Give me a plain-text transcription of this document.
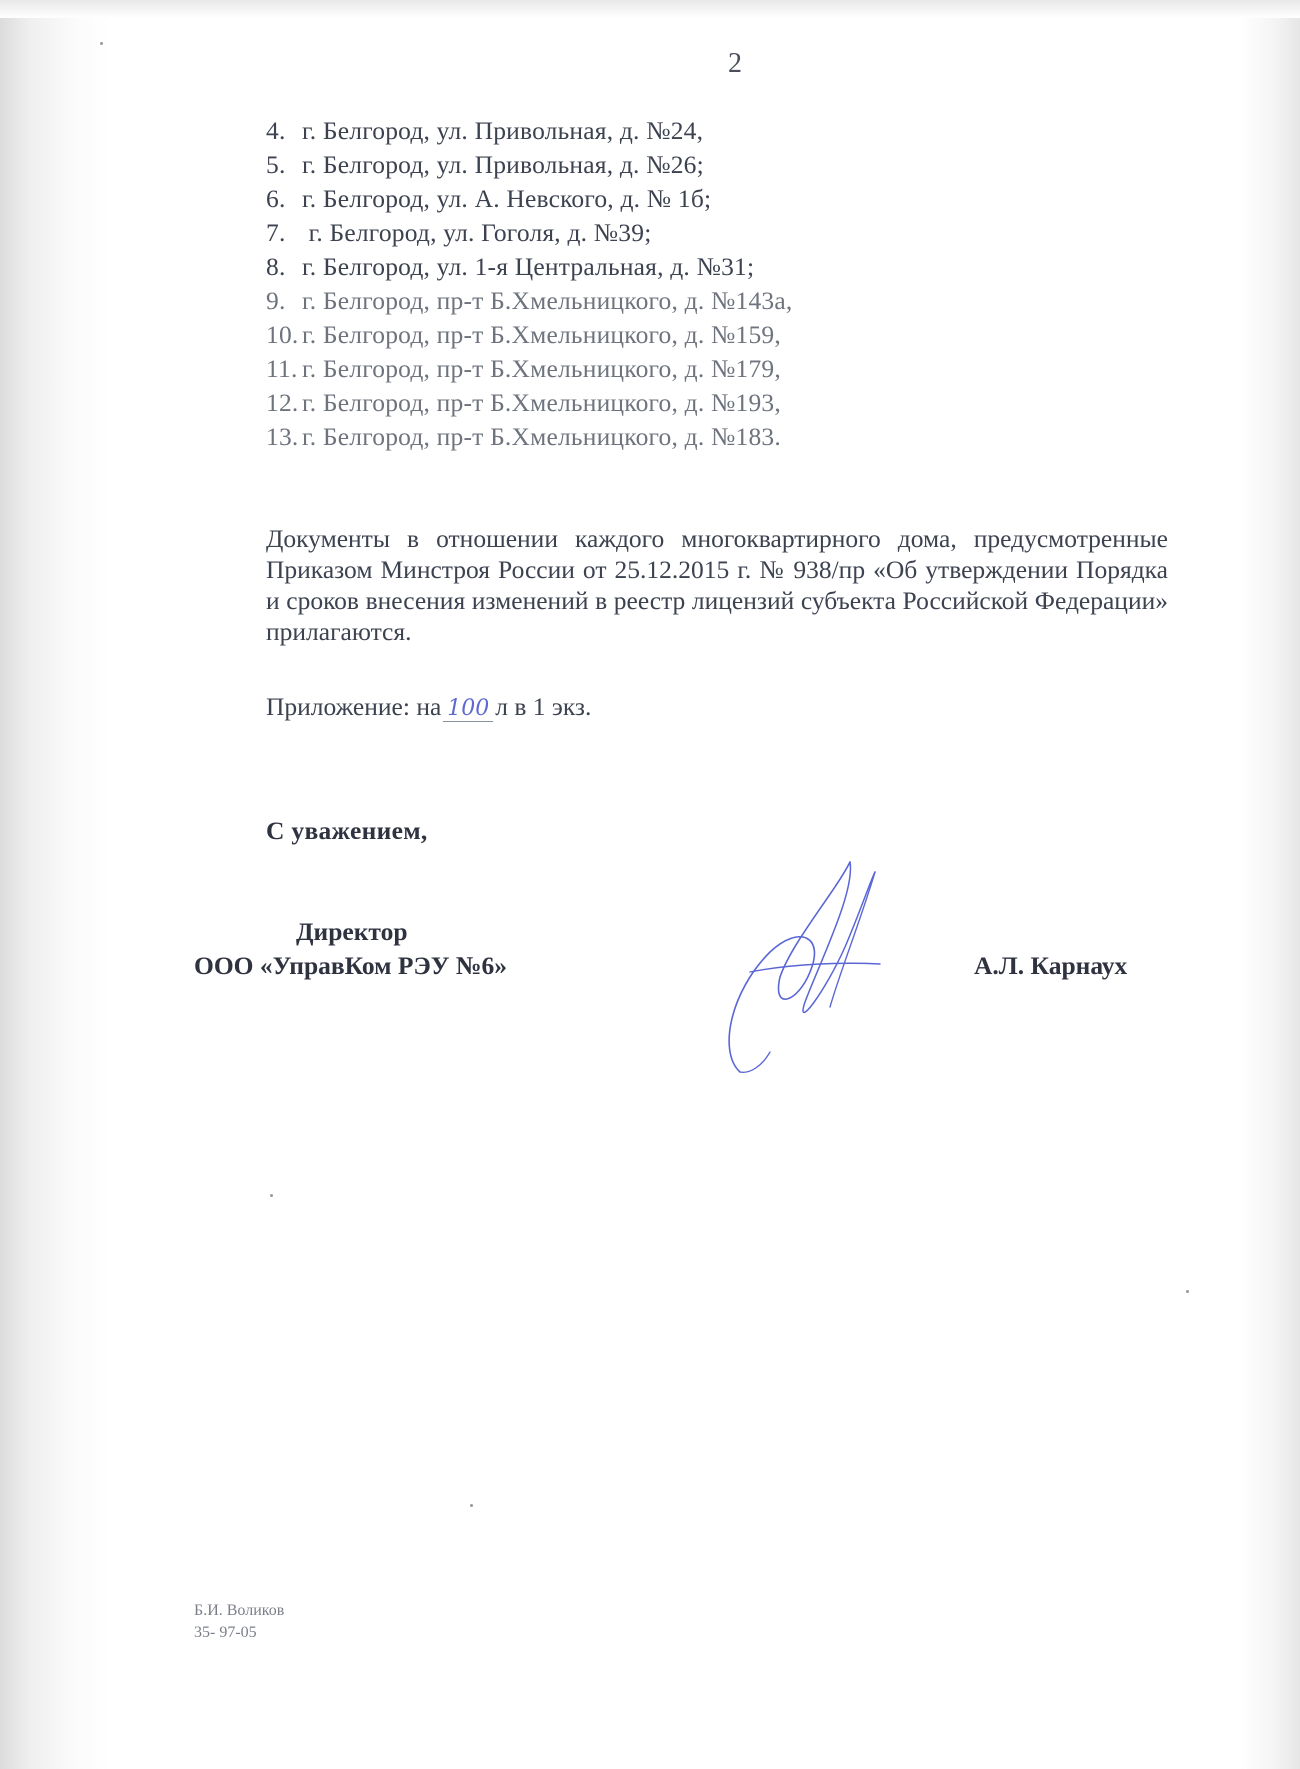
2
4. г. Белгород, ул. Привольная, д. №24,
5. г. Белгород, ул. Привольная, д. №26;
6. г. Белгород, ул. А. Невского, д. № 1б;
7. г. Белгород, ул. Гоголя, д. №39;
8. г. Белгород, ул. 1-я Центральная, д. №31;
9. г. Белгород, пр-т Б.Хмельницкого, д. №143а,
10. г. Белгород, пр-т Б.Хмельницкого, д. №159,
11. г. Белгород, пр-т Б.Хмельницкого, д. №179,
12. г. Белгород, пр-т Б.Хмельницкого, д. №193,
13. г. Белгород, пр-т Б.Хмельницкого, д. №183.
Документы в отношении каждого многоквартирного дома, предусмотренные Приказом Минстроя России от 25.12.2015 г. № 938/пр «Об утверждении Порядка и сроков внесения изменений в реестр лицензий субъекта Российской Федерации» прилагаются.
Приложение: на 100 л в 1 экз.
С уважением,
Директор
ООО «УправКом РЭУ №6»	А.Л. Карнаух
Б.И. Воликов
35- 97-05
